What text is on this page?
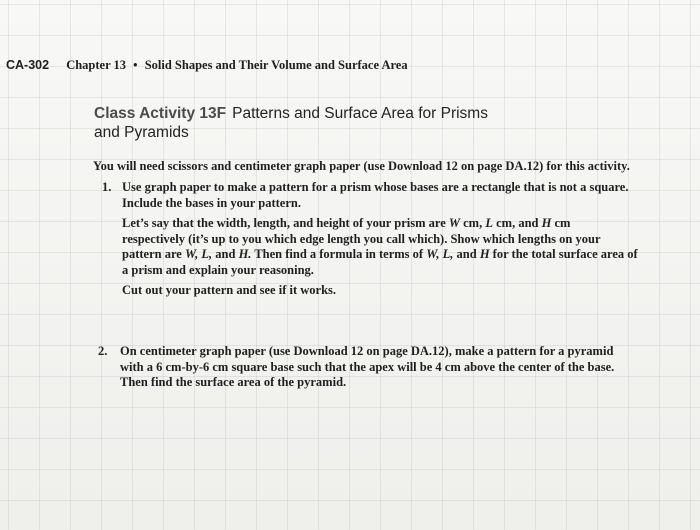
CA-302 Chapter 13 • Solid Shapes and Their Volume and Surface Area
Class Activity 13F Patterns and Surface Area for Prisms
and Pyramids
You will need scissors and centimeter graph paper (use Download 12 on page DA.12) for this activity.
1. Use graph paper to make a pattern for a prism whose bases are a rectangle that is not a square.
Include the bases in your pattern.

Let’s say that the width, length, and height of your prism are W cm, L cm, and H cm
respectively (it’s up to you which edge length you call which). Show which lengths on your
pattern are W, L, and H. Then find a formula in terms of W, L, and H for the total surface area of
a prism and explain your reasoning.

Cut out your pattern and see if it works.

2. On centimeter graph paper (use Download 12 on page DA.12), make a pattern for a pyramid
with a 6 cm-by-6 cm square base such that the apex will be 4 cm above the center of the base.
Then find the surface area of the pyramid.
